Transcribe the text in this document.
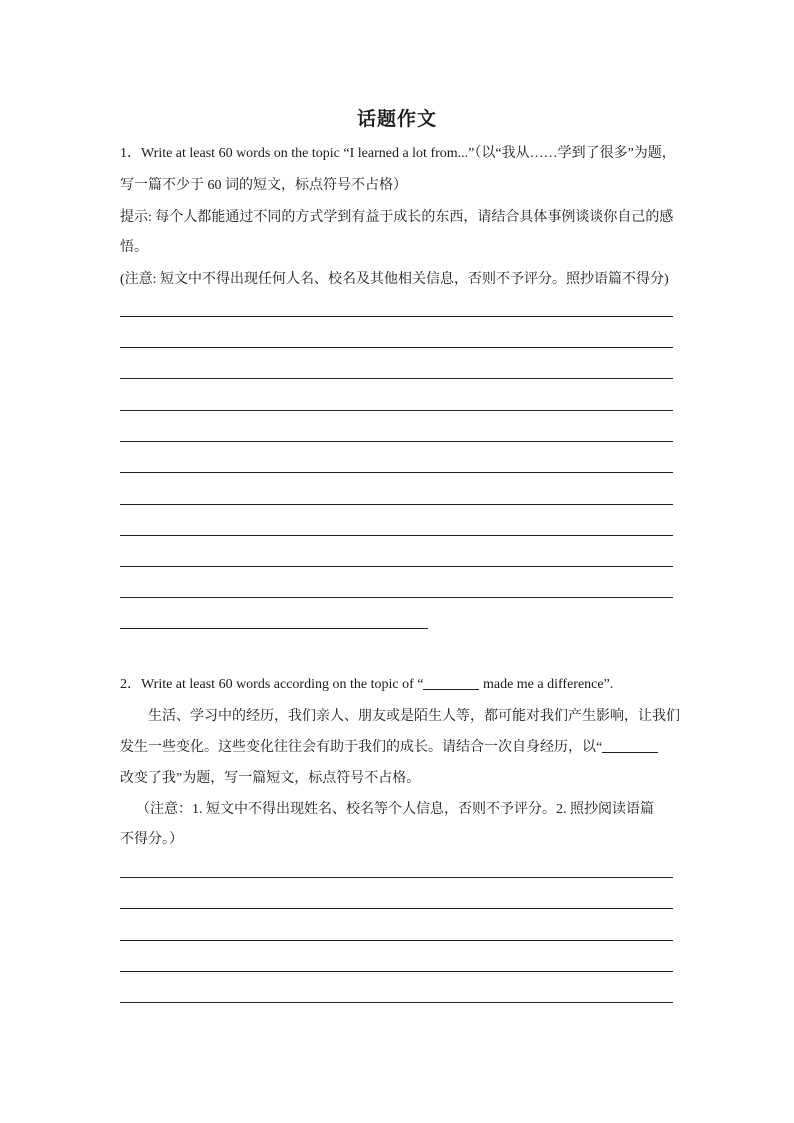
话题作文
1．Write at least 60 words on the topic “I learned a lot from...”（以“我从……学到了很多”为题，
写一篇不少于 60 词的短文，标点符号不占格）
提示: 每个人都能通过不同的方式学到有益于成长的东西，请结合具体事例谈谈你自己的感
悟。
(注意: 短文中不得出现任何人名、校名及其他相关信息，否则不予评分。照抄语篇不得分)
2．Write at least 60 words according on the topic of “	made me a difference”.
生活、学习中的经历，我们亲人、朋友或是陌生人等，都可能对我们产生影响，让我们
发生一些变化。这些变化往往会有助于我们的成长。请结合一次自身经历，以“
改变了我”为题，写一篇短文，标点符号不占格。
（注意：1. 短文中不得出现姓名、校名等个人信息，否则不予评分。2. 照抄阅读语篇
不得分。）
